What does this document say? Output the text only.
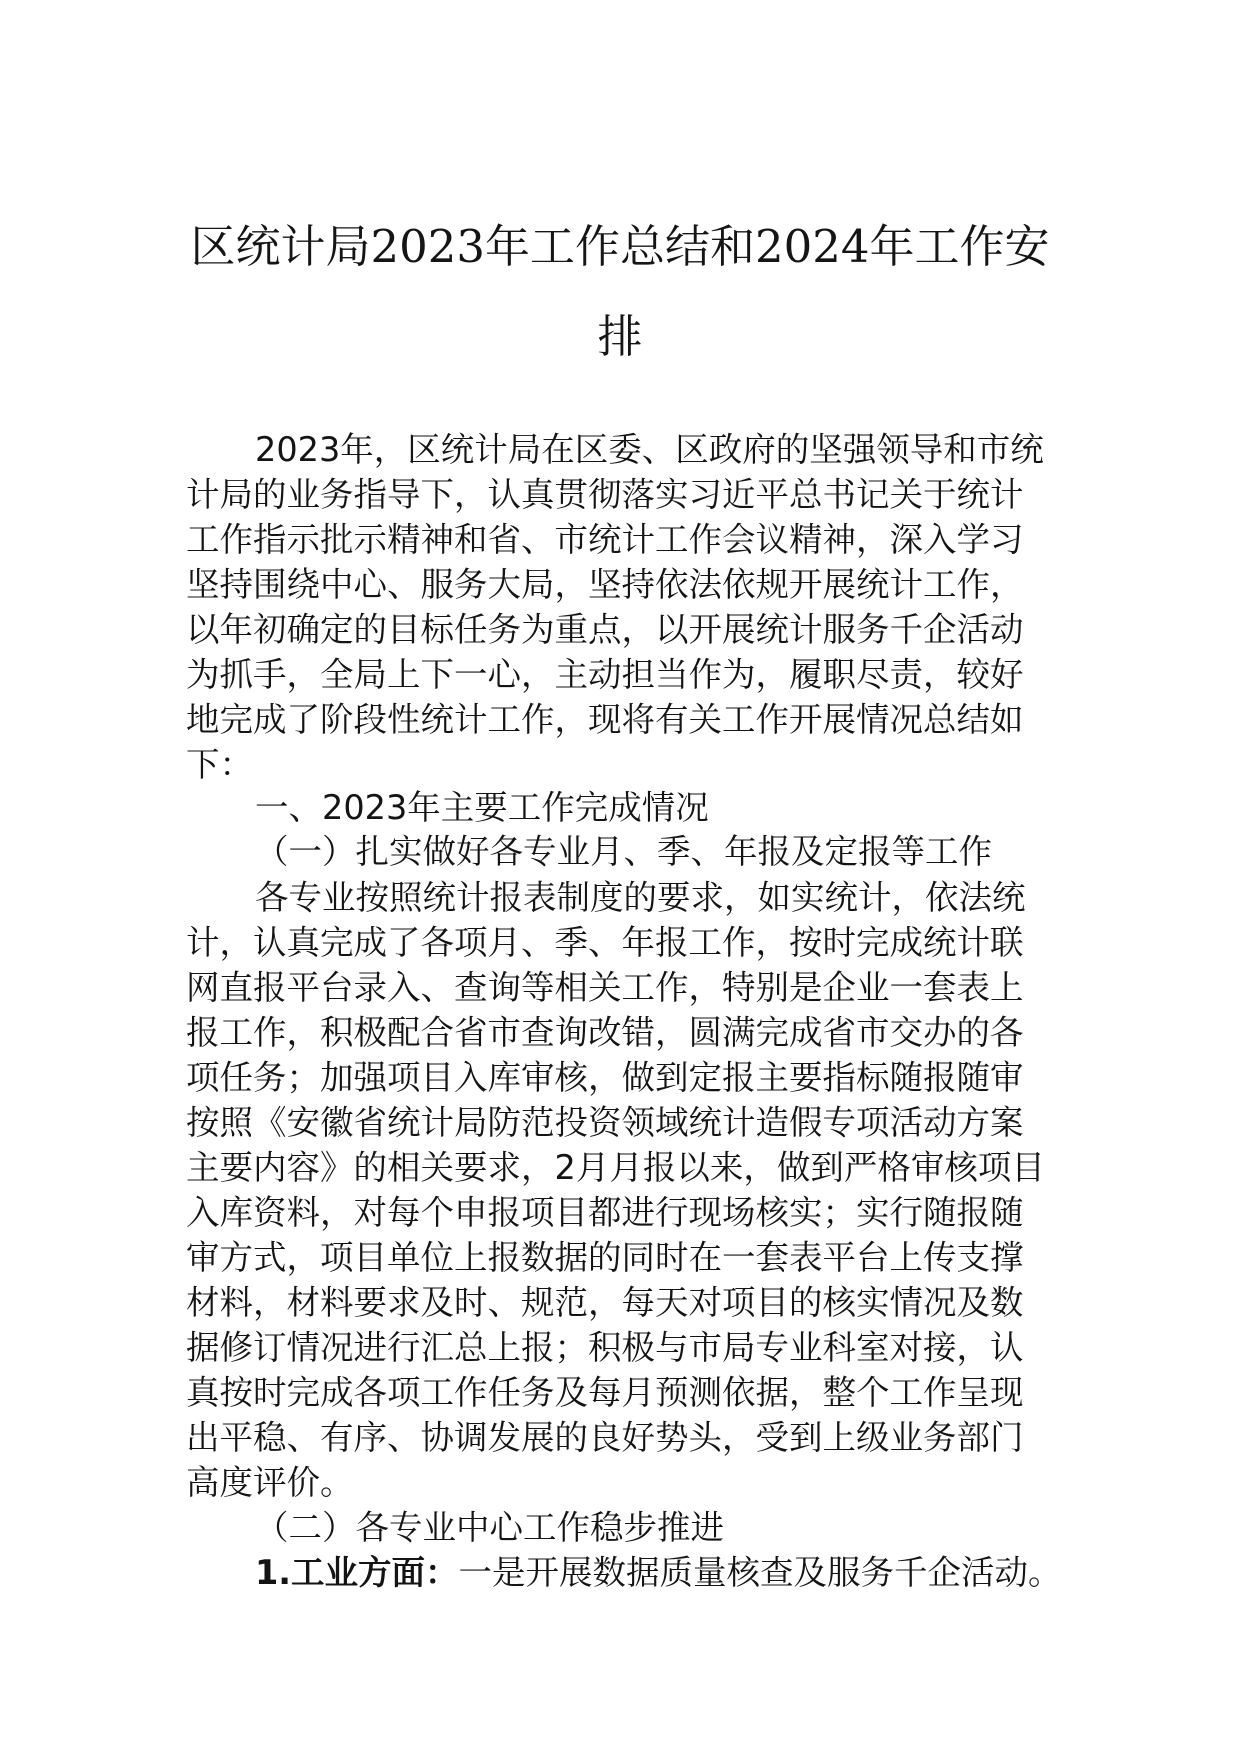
区统计局2023年工作总结和2024年工作安
排
2023年，区统计局在区委、区政府的坚强领导和市统
计局的业务指导下，认真贯彻落实习近平总书记关于统计
工作指示批示精神和省、市统计工作会议精神，深入学习
坚持围绕中心、服务大局，坚持依法依规开展统计工作，
以年初确定的目标任务为重点，以开展统计服务千企活动
为抓手，全局上下一心，主动担当作为，履职尽责，较好
地完成了阶段性统计工作，现将有关工作开展情况总结如
下：
一、2023年主要工作完成情况
（一）扎实做好各专业月、季、年报及定报等工作
各专业按照统计报表制度的要求，如实统计，依法统
计，认真完成了各项月、季、年报工作，按时完成统计联
网直报平台录入、查询等相关工作，特别是企业一套表上
报工作，积极配合省市查询改错，圆满完成省市交办的各
项任务；加强项目入库审核，做到定报主要指标随报随审
按照《安徽省统计局防范投资领域统计造假专项活动方案
主要内容》的相关要求，2月月报以来，做到严格审核项目
入库资料，对每个申报项目都进行现场核实；实行随报随
审方式，项目单位上报数据的同时在一套表平台上传支撑
材料，材料要求及时、规范，每天对项目的核实情况及数
据修订情况进行汇总上报；积极与市局专业科室对接，认
真按时完成各项工作任务及每月预测依据，整个工作呈现
出平稳、有序、协调发展的良好势头，受到上级业务部门
高度评价。
（二）各专业中心工作稳步推进
1.工业方面：一是开展数据质量核查及服务千企活动。
